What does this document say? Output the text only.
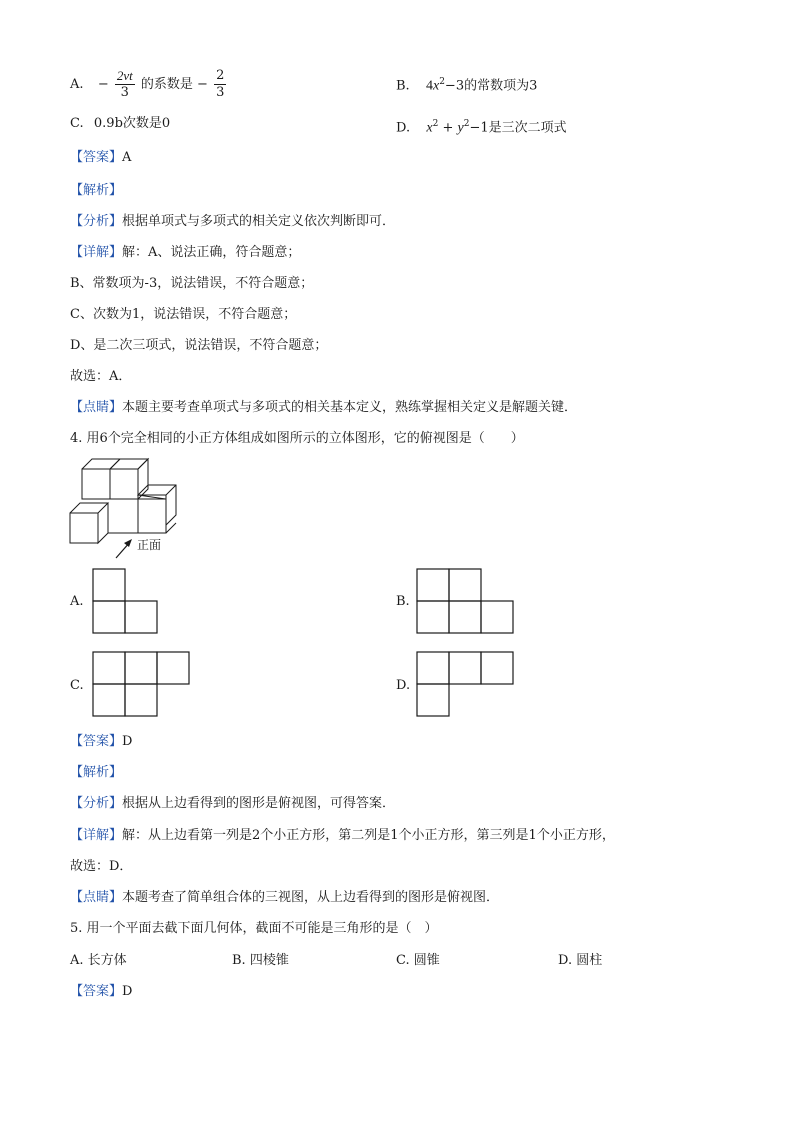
A. − $\frac{2vt}{3}$ 的系数是 − $\frac{2}{3}$	B. $4x^2-3$的常数项为3
C. 0.9b次数是0	D. $x^2 + y^2-1$是三次二项式
【答案】A
【解析】
【分析】根据单项式与多项式的相关定义依次判断即可．
【详解】解：A、说法正确，符合题意；
B、常数项为-3，说法错误，不符合题意；
C、次数为1，说法错误，不符合题意；
D、是二次三项式，说法错误，不符合题意；
故选：A．
【点睛】本题主要考查单项式与多项式的相关基本定义，熟练掌握相关定义是解题关键．
4. 用6个完全相同的小正方体组成如图所示的立体图形，它的俯视图是（　　）
正面
A.	B.
C.	D.
【答案】D
【解析】
【分析】根据从上边看得到的图形是俯视图，可得答案．
【详解】解：从上边看第一列是2个小正方形，第二列是1个小正方形，第三列是1个小正方形，
故选：D．
【点睛】本题考查了简单组合体的三视图，从上边看得到的图形是俯视图．
5. 用一个平面去截下面几何体，截面不可能是三角形的是（　）
A. 长方体	B. 四棱锥	C. 圆锥	D. 圆柱
【答案】D
